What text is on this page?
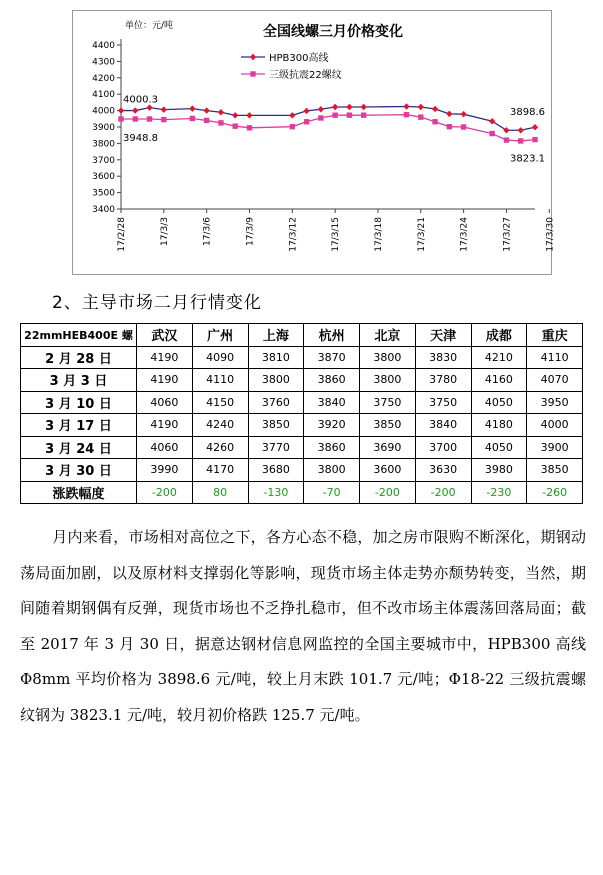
单位：元/吨	全国线螺三月价格变化
4400
4300
4200
4100
4000
3900
3800
3700
3600
3500
3400
17/2/28	17/3/3	17/3/6	17/3/9	17/3/12	17/3/15	17/3/18	17/3/21	17/3/24	17/3/27	17/3/30
HPB300高线
三级抗震22螺纹
4000.3
3948.8
3898.6
3823.1
2、主导市场二月行情变化
22mmHEB400E 螺	武汉	广州	上海	杭州	北京	天津	成都	重庆
2 月 28 日	4190	4090	3810	3870	3800	3830	4210	4110
3 月 3 日	4190	4110	3800	3860	3800	3780	4160	4070
3 月 10 日	4060	4150	3760	3840	3750	3750	4050	3950
3 月 17 日	4190	4240	3850	3920	3850	3840	4180	4000
3 月 24 日	4060	4260	3770	3860	3690	3700	4050	3900
3 月 30 日	3990	4170	3680	3800	3600	3630	3980	3850
涨跌幅度	-200	80	-130	-70	-200	-200	-230	-260

月内来看，市场相对高位之下，各方心态不稳，加之房市限购不断深化，期钢动荡局面加剧，以及原材料支撑弱化等影响，现货市场主体走势亦颓势转变，当然，期间随着期钢偶有反弹，现货市场也不乏挣扎稳市，但不改市场主体震荡回落局面；截至 2017 年 3 月 30 日，据意达钢材信息网监控的全国主要城市中，HPB300 高线Φ8mm 平均价格为 3898.6 元/吨，较上月末跌 101.7 元/吨；Φ18-22 三级抗震螺纹钢为 3823.1 元/吨，较月初价格跌 125.7 元/吨。
